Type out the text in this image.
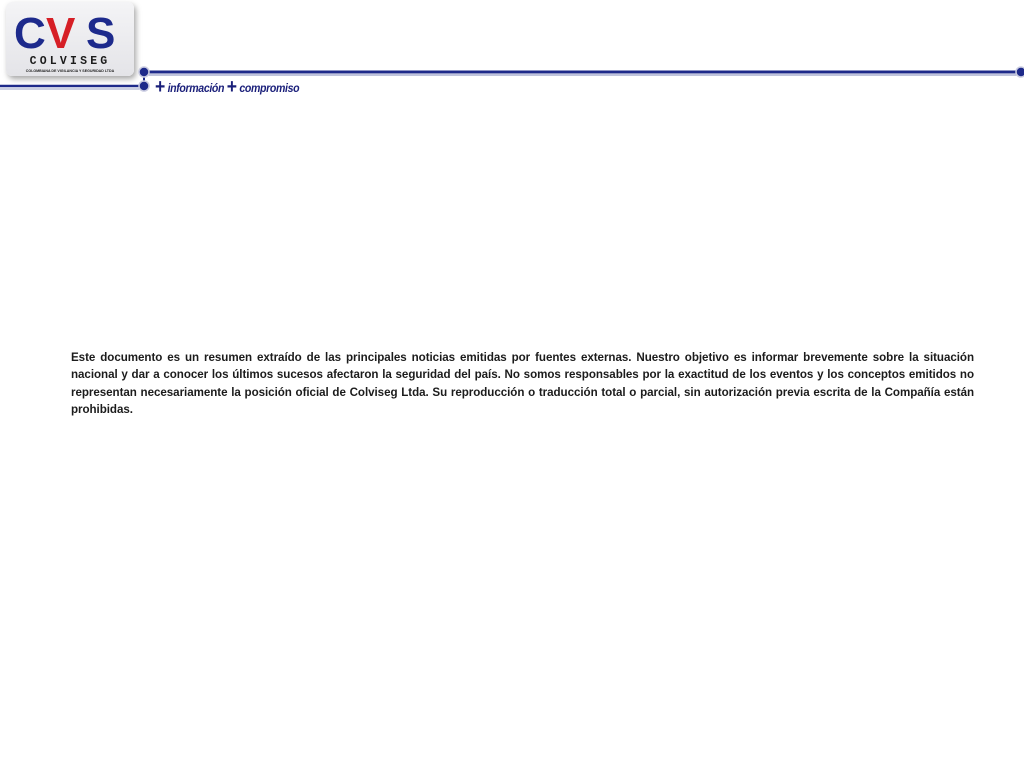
C V S
COLVISEG
COLOMBIANA DE VIGILANCIA Y SEGURIDAD LTDA
+ información + compromiso

Este documento es un resumen extraído de las principales noticias emitidas por fuentes externas. Nuestro objetivo es informar brevemente sobre la situación nacional y dar a conocer los últimos sucesos afectaron la seguridad del país. No somos responsables por la exactitud de los eventos y los conceptos emitidos no representan necesariamente la posición oficial de Colviseg Ltda. Su reproducción o traducción total o parcial, sin autorización previa escrita de la Compañía están prohibidas.
